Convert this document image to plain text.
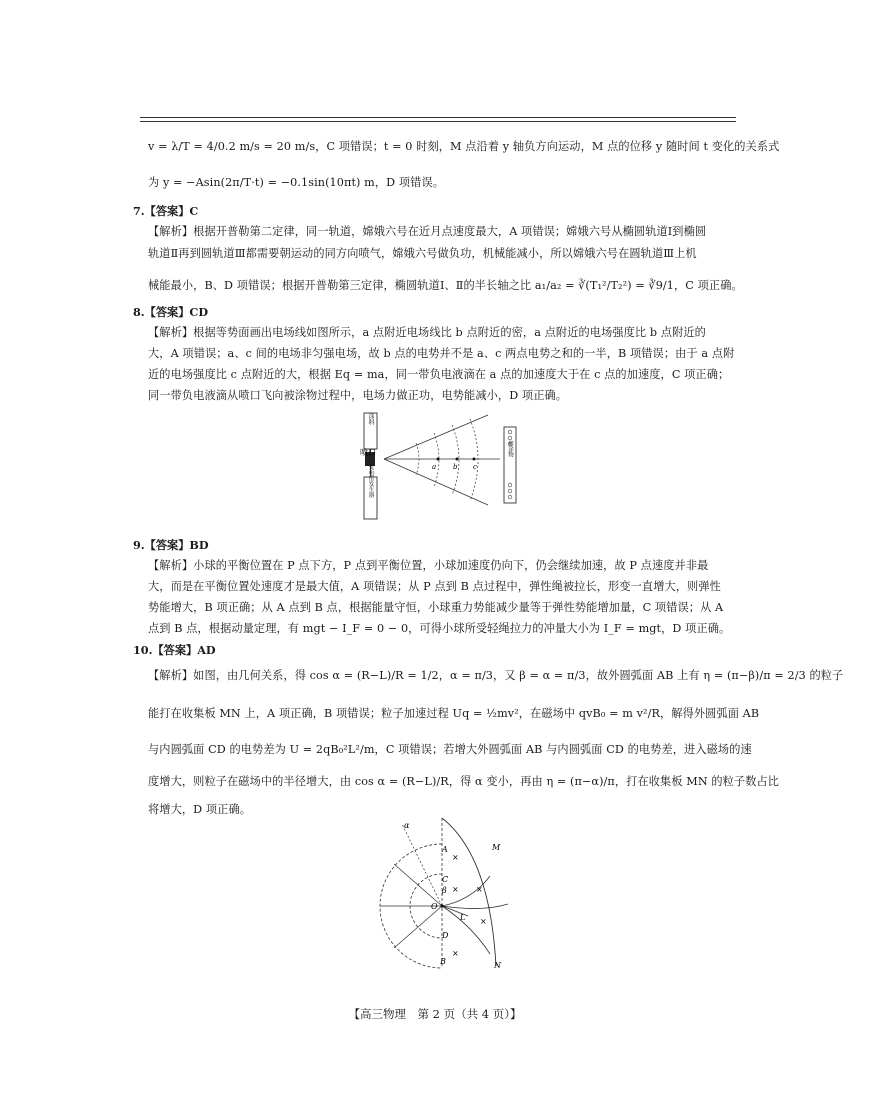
v = λ/T = 4/0.2 m/s = 20 m/s，C 项错误；t = 0 时刻，M 点沿着 y 轴负方向运动，M 点的位移 y 随时间 t 变化的关系式
为 y = −Asin(2π/T·t) = −0.1sin(10πt) m，D 项错误。
7.【答案】C
【解析】根据开普勒第二定律，同一轨道，嫦娥六号在近月点速度最大，A 项错误；嫦娥六号从椭圆轨道Ⅰ到椭圆
轨道Ⅱ再到圆轨道Ⅲ都需要朝运动的同方向喷气，嫦娥六号做负功，机械能减小，所以嫦娥六号在圆轨道Ⅲ上机
械能最小，B、D 项错误；根据开普勒第三定律，椭圆轨道Ⅰ、Ⅱ的半长轴之比 a₁/a₂ = ∛(T₁²/T₂²) = ∛9/1，C 项正确。
8.【答案】CD
【解析】根据等势面画出电场线如图所示，a 点附近电场线比 b 点附近的密，a 点附近的电场强度比 b 点附近的
大，A 项错误；a、c 间的电场非匀强电场，故 b 点的电势并不是 a、c 两点电势之和的一半，B 项错误；由于 a 点附
近的电场强度比 c 点附近的大，根据 Eq = ma，同一带负电液滴在 a 点的加速度大于在 c 点的加速度，C 项正确；
同一带负电液滴从喷口飞向被涂物过程中，电场力做正功，电势能减小，D 项正确。
涂料
喷口
负电压发生器	a b c
被涂物
9.【答案】BD
【解析】小球的平衡位置在 P 点下方，P 点到平衡位置，小球加速度仍向下，仍会继续加速，故 P 点速度并非最
大，而是在平衡位置处速度才是最大值，A 项错误；从 P 点到 B 点过程中，弹性绳被拉长，形变一直增大，则弹性
势能增大，B 项正确；从 A 点到 B 点，根据能量守恒，小球重力势能减少量等于弹性势能增加量，C 项错误；从 A
点到 B 点，根据动量定理，有 mgt − I_F = 0 − 0，可得小球所受轻绳拉力的冲量大小为 I_F = mgt，D 项正确。
10.【答案】AD
【解析】如图，由几何关系，得 cos α = (R−L)/R = 1/2，α = π/3，又 β = α = π/3，故外圆弧面 AB 上有 η = (π−β)/π = 2/3 的粒子
能打在收集板 MN 上，A 项正确，B 项错误；粒子加速过程 Uq = ½mv²，在磁场中 qvB₀ = m v²/R，解得外圆弧面 AB
与内圆弧面 CD 的电势差为 U = 2qB₀²L²/m，C 项错误；若增大外圆弧面 AB 与内圆弧面 CD 的电势差，进入磁场的速
度增大，则粒子在磁场中的半径增大，由 cos α = (R−L)/R，得 α 变小，再由 η = (π−α)/π，打在收集板 MN 的粒子数占比
将增大，D 项正确。
α
A
C
β
O
L
D
B
M
N
×
× ×
×
×
【高三物理　第 2 页（共 4 页）】
